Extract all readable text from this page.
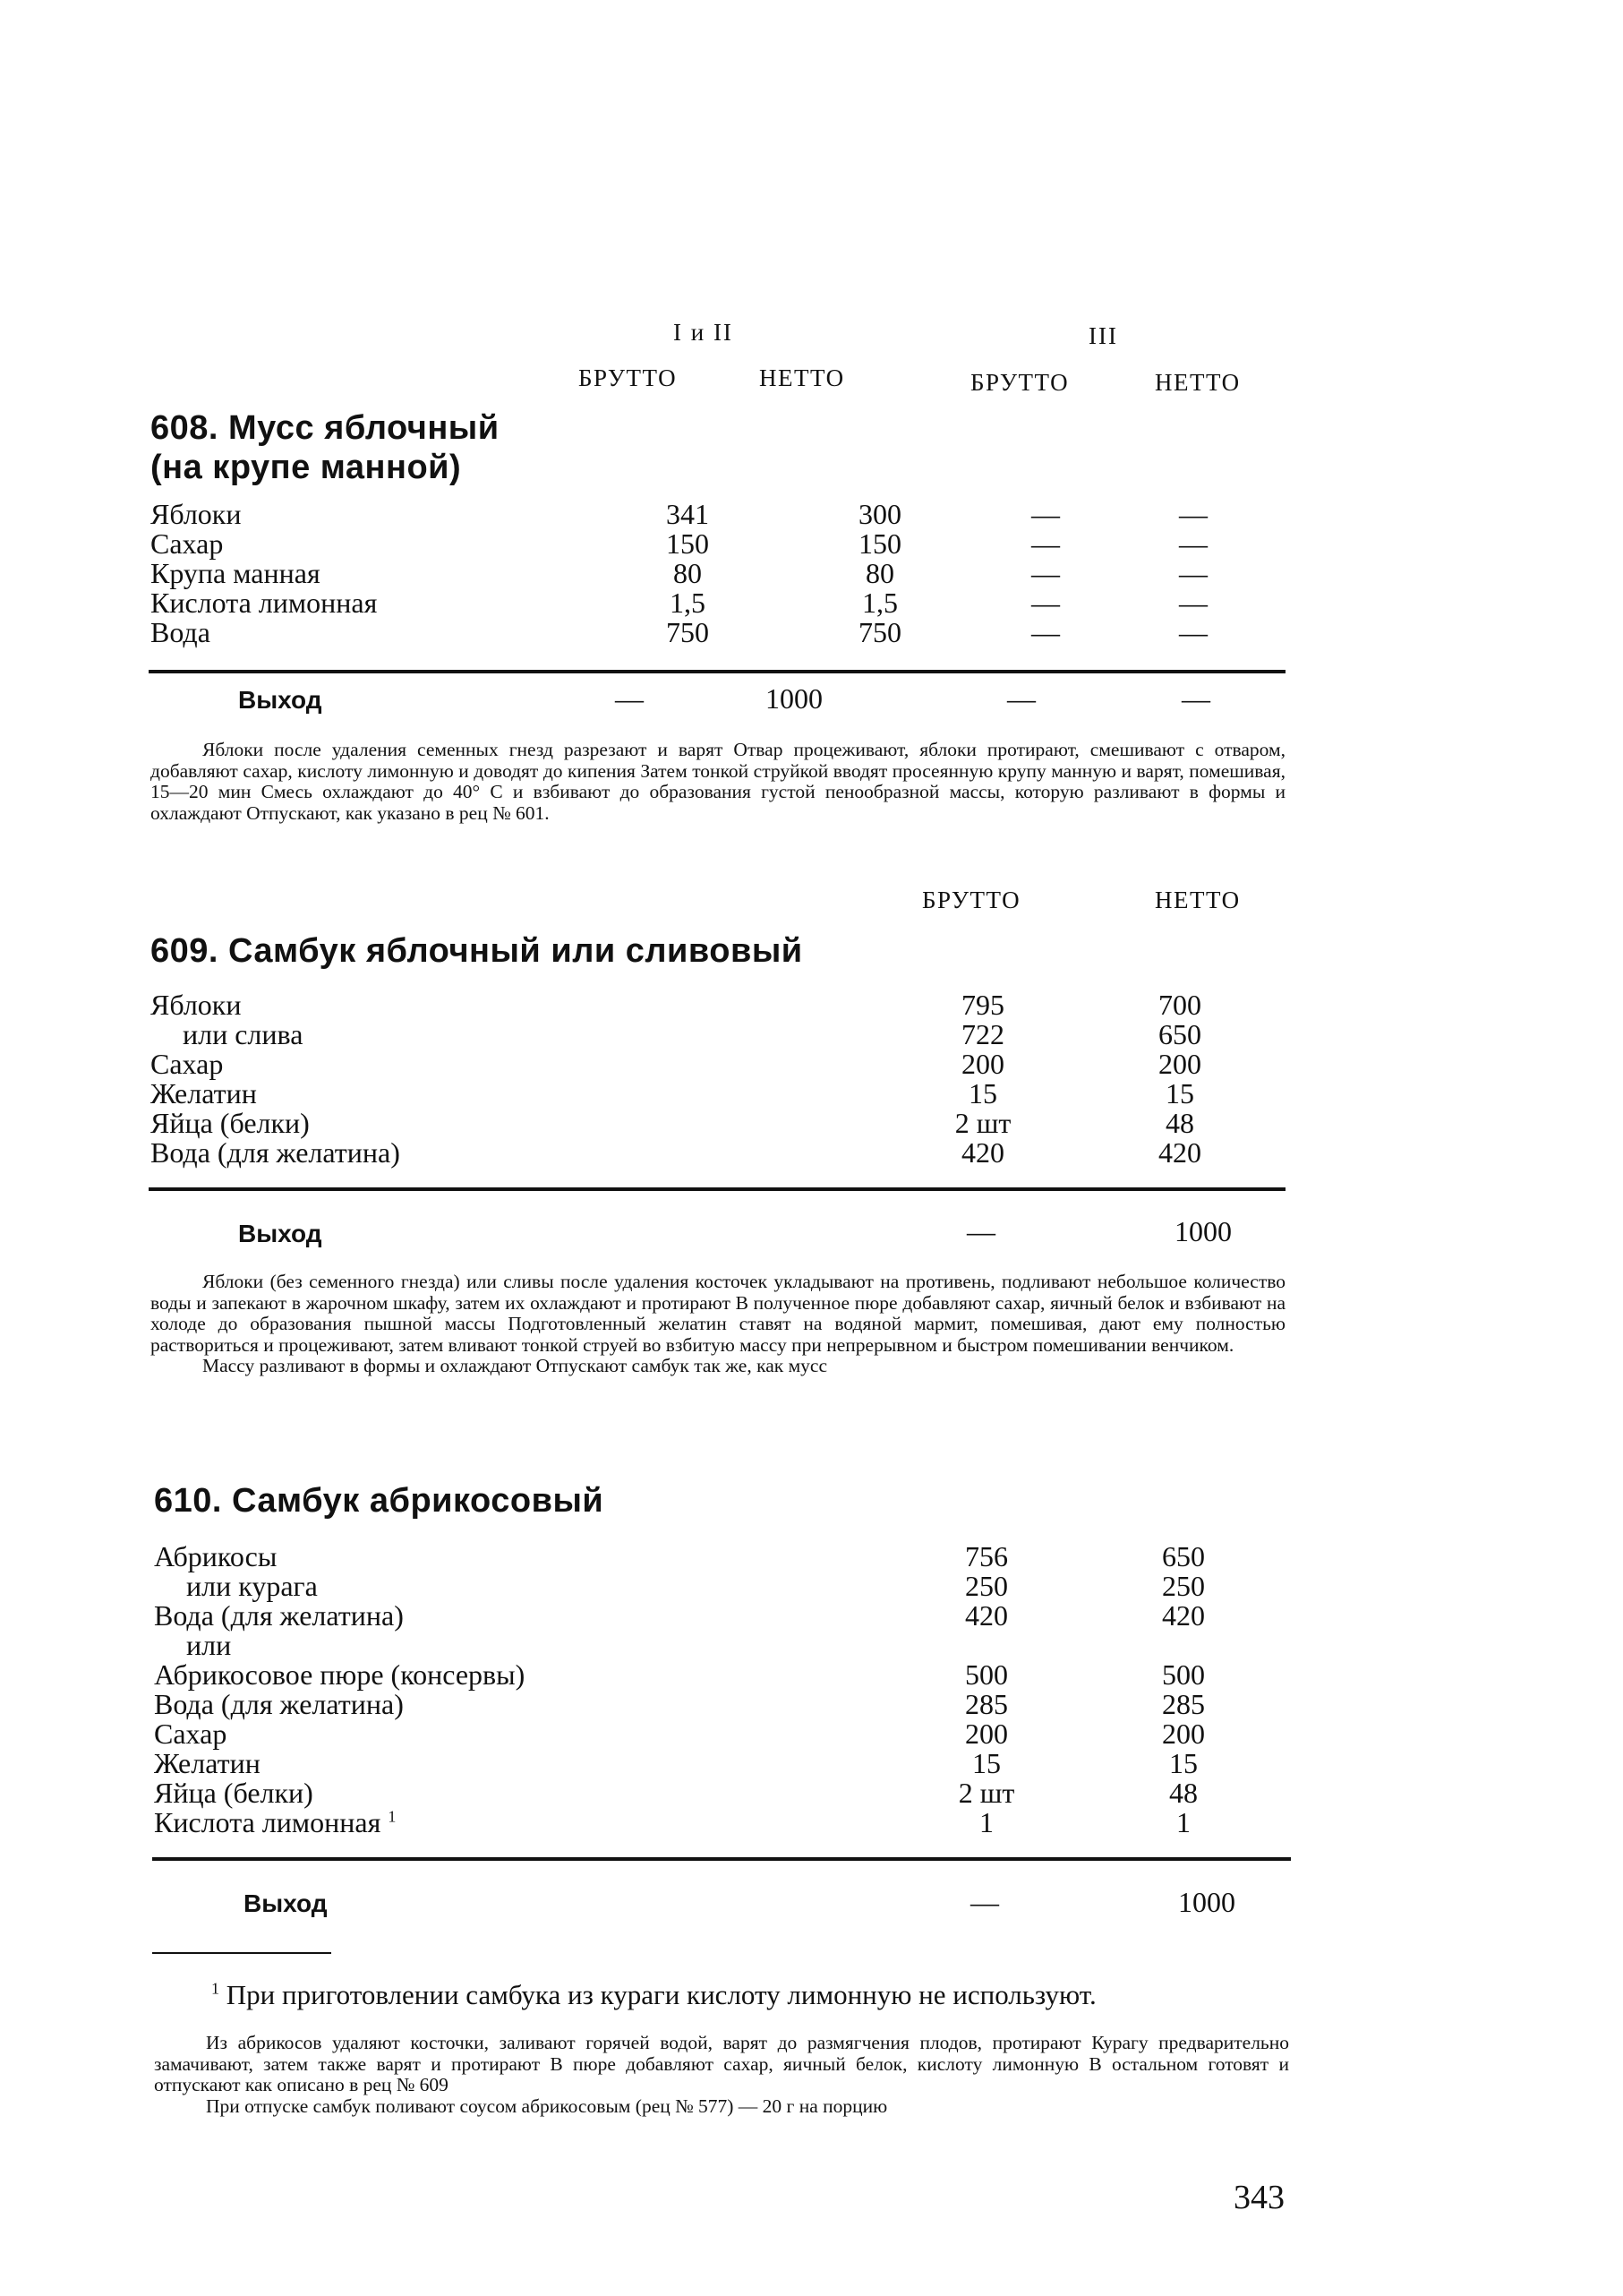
I и II	III
БРУТТО	НЕТТО	БРУТТО	НЕТТО
608. Мусс яблочный
(на крупе манной)
Яблоки	341	300	—	—
Сахар	150	150	—	—
Крупа манная	80	80	—	—
Кислота лимонная	1,5	1,5	—	—
Вода	750	750	—	—
Выход	—	1000	—	—

Яблоки после удаления семенных гнезд разрезают и варят Отвар процеживают, яблоки протирают, смешивают с отваром, добавляют сахар, кислоту лимонную и доводят до кипения Затем тонкой струйкой вводят просеянную крупу манную и варят, помешивая, 15—20 мин Смесь охлаждают до 40° С и взбивают до образования густой пенообразной массы, которую разливают в формы и охлаждают Отпускают, как указано в рец № 601.

БРУТТО	НЕТТО
609. Самбук яблочный или сливовый
Яблоки	795	700
или слива	722	650
Сахар	200	200
Желатин	15	15
Яйца (белки)	2 шт	48
Вода (для желатина)	420	420
Выход	—	1000

Яблоки (без семенного гнезда) или сливы после удаления косточек укладывают на противень, подливают небольшое количество воды и запекают в жарочном шкафу, затем их охлаждают и протирают В полученное пюре добавляют сахар, яичный белок и взбивают на холоде до образования пышной массы Подготовленный желатин ставят на водяной мармит, помешивая, дают ему полностью раствориться и процеживают, затем вливают тонкой струей во взбитую массу при непрерывном и быстром помешивании венчиком.

Массу разливают в формы и охлаждают Отпускают самбук так же, как мусс

610. Самбук абрикосовый
Абрикосы	756	650
или курага	250	250
Вода (для желатина)	420	420
или		
Абрикосовое пюре (консервы)	500	500
Вода (для желатина)	285	285
Сахар	200	200
Желатин	15	15
Яйца (белки)	2 шт	48
Кислота лимонная $^1$	1	1
Выход	—	1000
$^1$ При приготовлении самбука из кураги кислоту лимонную не используют.

Из абрикосов удаляют косточки, заливают горячей водой, варят до размягчения плодов, протирают Курагу предварительно замачивают, затем также варят и протирают В пюре добавляют сахар, яичный белок, кислоту лимонную В остальном готовят и отпускают как описано в рец № 609

При отпуске самбук поливают соусом абрикосовым (рец № 577) — 20 г на порцию

343
